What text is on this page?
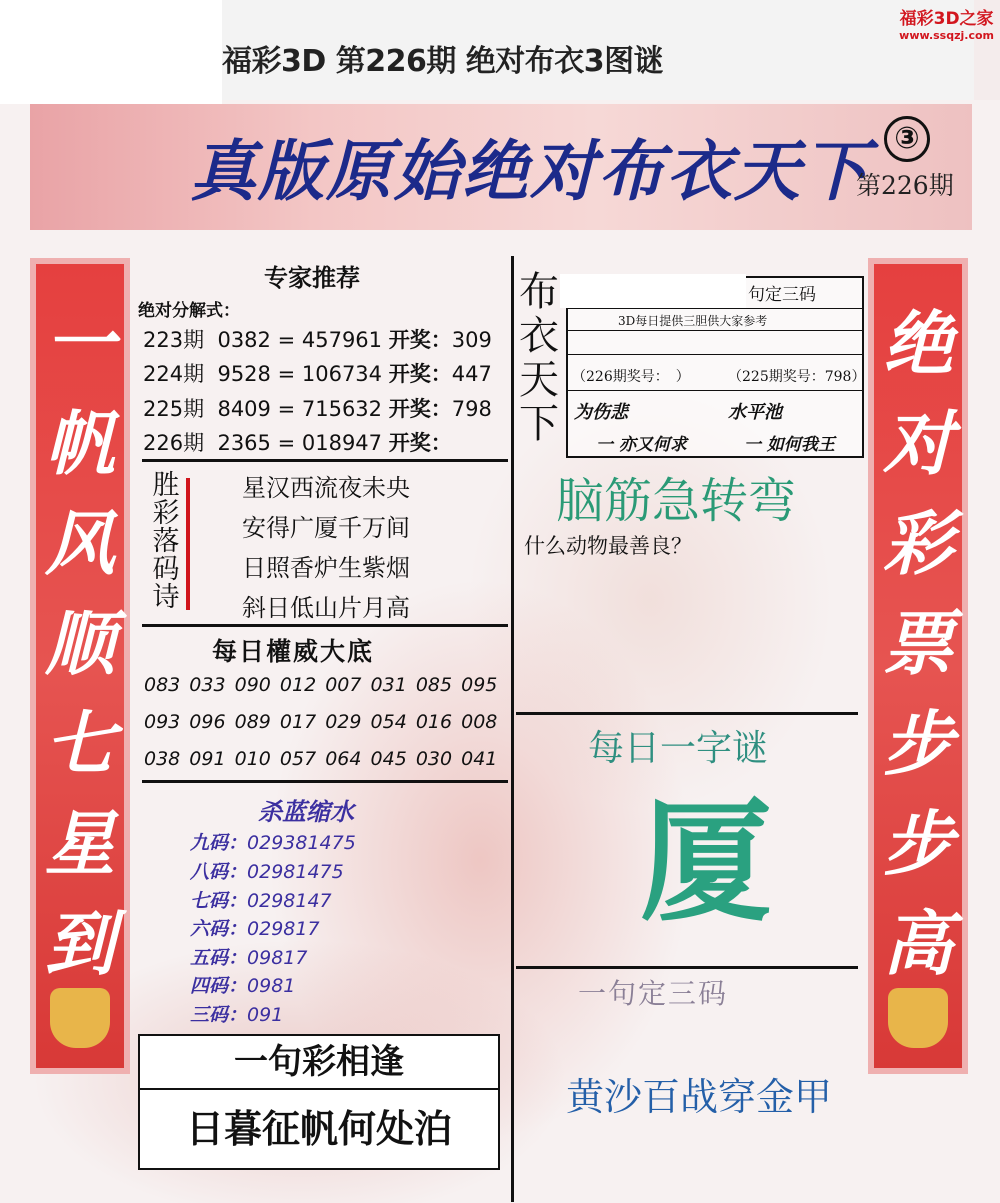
福彩3D 第226期 绝对布衣3图谜
福彩3D之家
www.ssqzj.com
真版原始绝对布衣天下 ③
第226期
一
帆
风
顺
七
星
到
绝
对
彩
票
步
步
高
专家推荐
绝对分解式：
223期 0382 = 457961 开奖：309
224期 9528 = 106734 开奖：447
225期 8409 = 715632 开奖：798
226期 2365 = 018947 开奖：
胜
彩
落
码
诗
星汉西流夜未央
安得广厦千万间
日照香炉生紫烟
斜日低山片月高
每日權威大底
083 033 090 012 007 031 085 095
093 096 089 017 029 054 016 008
038 091 010 057 064 045 030 041
杀蓝缩水
九码：029381475
八码：02981475
七码：0298147
六码：029817
五码：09817
四码：0981
三码：091
一句彩相逢
日暮征帆何处泊
布
衣
天
下
句定三码
3D每日提供三胆供大家参考
（226期奖号：　）	（225期奖号：798）
为伤悲	水平池
一 亦又何求	一 如何我王
脑筋急转弯
什么动物最善良？
每日一字谜
厦
一句定三码
黄沙百战穿金甲
